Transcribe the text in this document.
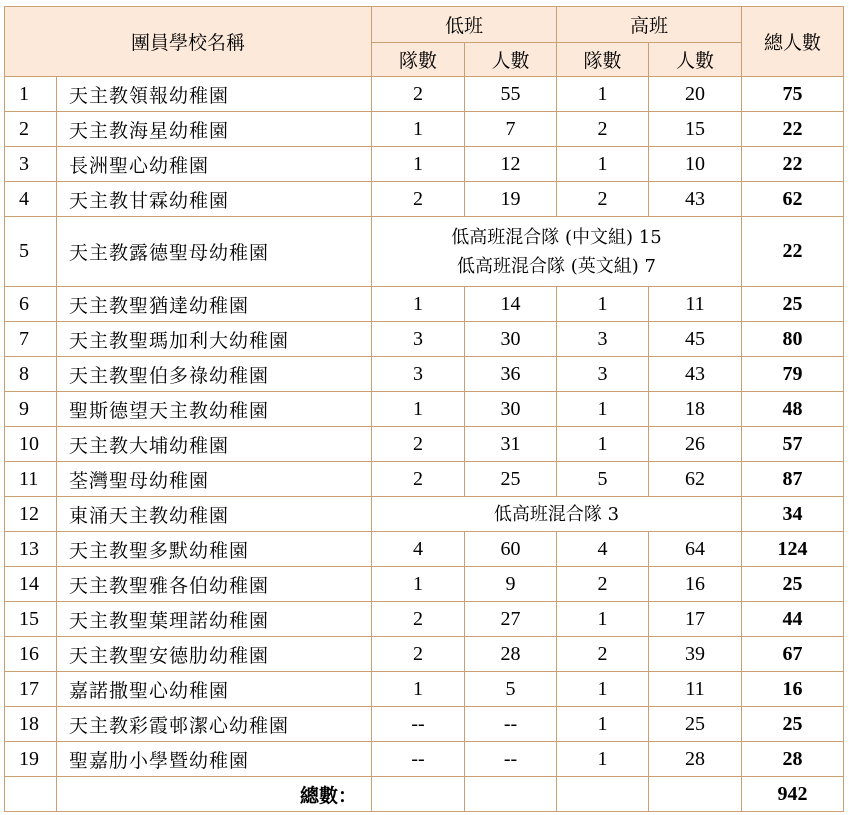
團員學校名稱		低班		高班		總人數
		隊數	人數	隊數	人數	
1	天主教領報幼稚園	2	55	1	20	75
2	天主教海星幼稚園	1	7	2	15	22
3	長洲聖心幼稚園	1	12	1	10	22
4	天主教甘霖幼稚園	2	19	2	43	62
5	天主教露德聖母幼稚園	低高班混合隊 (中文組) 15
低高班混合隊 (英文組) 7				22
6	天主教聖猶達幼稚園	1	14	1	11	25
7	天主教聖瑪加利大幼稚園	3	30	3	45	80
8	天主教聖伯多祿幼稚園	3	36	3	43	79
9	聖斯德望天主教幼稚園	1	30	1	18	48
10	天主教大埔幼稚園	2	31	1	26	57
11	荃灣聖母幼稚園	2	25	5	62	87
12	東涌天主教幼稚園	低高班混合隊 3				34
13	天主教聖多默幼稚園	4	60	4	64	124
14	天主教聖雅各伯幼稚園	1	9	2	16	25
15	天主教聖葉理諾幼稚園	2	27	1	17	44
16	天主教聖安德肋幼稚園	2	28	2	39	67
17	嘉諾撒聖心幼稚園	1	5	1	11	16
18	天主教彩霞邨潔心幼稚園	--	--	1	25	25
19	聖嘉肋小學暨幼稚園	--	--	1	28	28
	總數：					942
